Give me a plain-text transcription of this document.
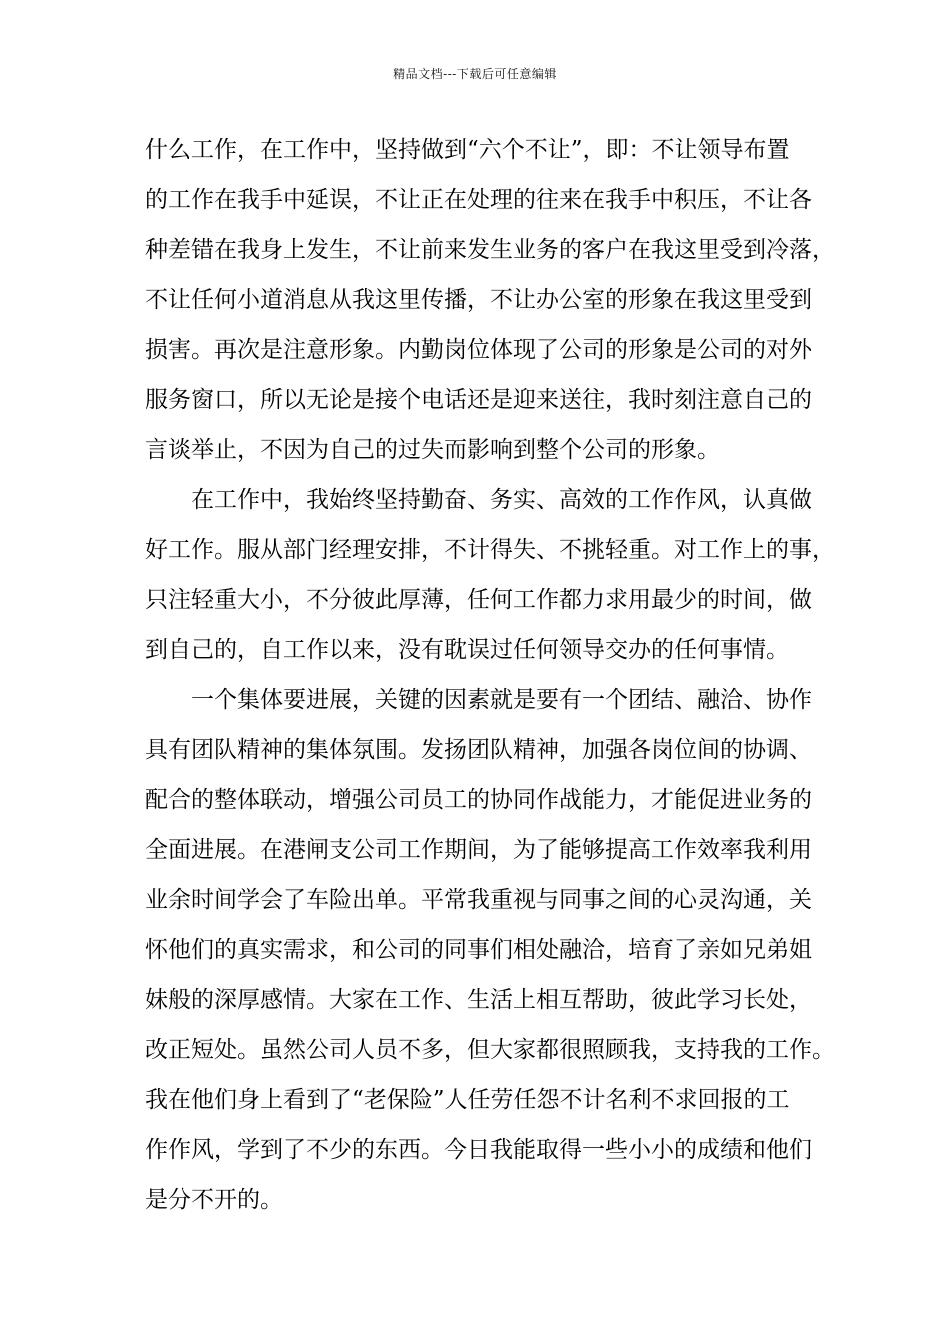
精品文档---下载后可任意编辑
什么工作，在工作中，坚持做到“六个不让”，即：不让领导布置
的工作在我手中延误，不让正在处理的往来在我手中积压，不让各
种差错在我身上发生，不让前来发生业务的客户在我这里受到冷落，
不让任何小道消息从我这里传播，不让办公室的形象在我这里受到
损害。再次是注意形象。内勤岗位体现了公司的形象是公司的对外
服务窗口，所以无论是接个电话还是迎来送往，我时刻注意自己的
言谈举止，不因为自己的过失而影响到整个公司的形象。
在工作中，我始终坚持勤奋、务实、高效的工作作风，认真做
好工作。服从部门经理安排，不计得失、不挑轻重。对工作上的事，
只注轻重大小，不分彼此厚薄，任何工作都力求用最少的时间，做
到自己的，自工作以来，没有耽误过任何领导交办的任何事情。
一个集体要进展，关键的因素就是要有一个团结、融洽、协作
具有团队精神的集体氛围。发扬团队精神，加强各岗位间的协调、
配合的整体联动，增强公司员工的协同作战能力，才能促进业务的
全面进展。在港闸支公司工作期间，为了能够提高工作效率我利用
业余时间学会了车险出单。平常我重视与同事之间的心灵沟通，关
怀他们的真实需求，和公司的同事们相处融洽，培育了亲如兄弟姐
妹般的深厚感情。大家在工作、生活上相互帮助，彼此学习长处，
改正短处。虽然公司人员不多，但大家都很照顾我，支持我的工作。
我在他们身上看到了“老保险”人任劳任怨不计名利不求回报的工
作作风，学到了不少的东西。今日我能取得一些小小的成绩和他们
是分不开的。
